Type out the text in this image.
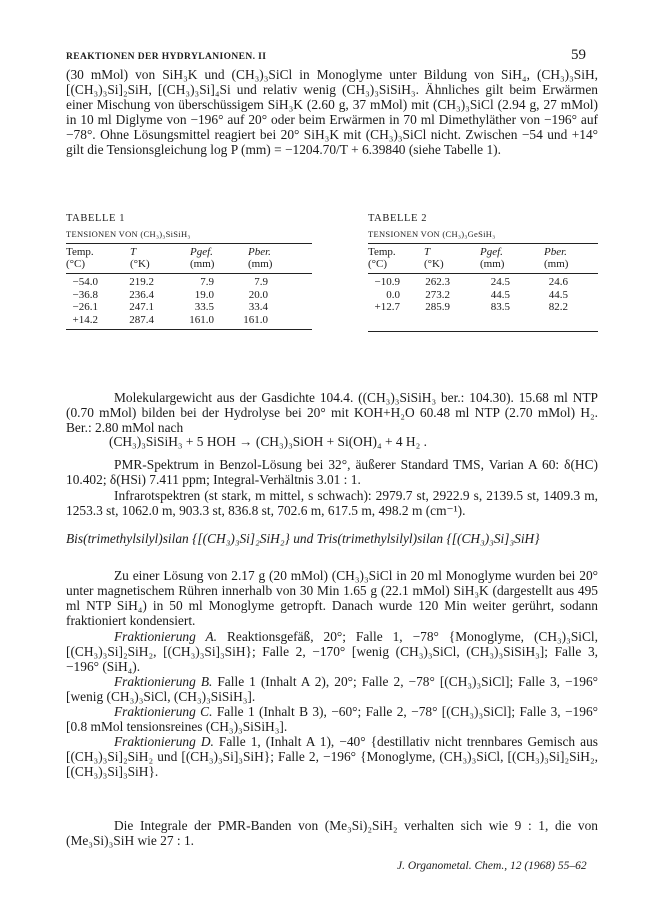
REAKTIONEN DER HYDRYLANIONEN. II	59
(30 mMol) von SiH₃K und (CH₃)₃SiCl in Monoglyme unter Bildung von SiH₄, (CH₃)₃SiH, [(CH₃)₃Si]₂SiH, [(CH₃)₃Si]₄Si und relativ wenig (CH₃)₃SiSiH₃. Ähnliches gilt beim Erwärmen einer Mischung von überschüssigem SiH₃K (2.60 g, 37 mMol) mit (CH₃)₃SiCl (2.94 g, 27 mMol) in 10 ml Diglyme von −196° auf 20° oder beim Erwärmen in 70 ml Dimethyläther von −196° auf −78°. Ohne Lösungsmittel reagiert bei 20° SiH₃K mit (CH₃)₃SiCl nicht. Zwischen −54 und +14° gilt die Tensionsgleichung log P (mm) = −1204.70/T + 6.39840 (siehe Tabelle 1).
TABELLE 1
TENSIONEN VON (CH₃)₃SiSiH₃
Temp.	T	Pgef.	Pber.
(°C)	(°K)	(mm)	(mm)
−54.0	219.2	7.9	7.9
−36.8	236.4	19.0	20.0
−26.1	247.1	33.5	33.4
+14.2	287.4	161.0	161.0
TABELLE 2
TENSIONEN VON (CH₃)₃GeSiH₃
Temp.	T	Pgef.	Pber.
(°C)	(°K)	(mm)	(mm)
−10.9	262.3	24.5	24.6
0.0	273.2	44.5	44.5
+12.7	285.9	83.5	82.2
Molekulargewicht aus der Gasdichte 104.4. ((CH₃)₃SiSiH₃ ber.: 104.30). 15.68 ml NTP (0.70 mMol) bilden bei der Hydrolyse bei 20° mit KOH+H₂O 60.48 ml NTP (2.70 mMol) H₂. Ber.: 2.80 mMol nach
(CH₃)₃SiSiH₃ + 5 HOH → (CH₃)₃SiOH + Si(OH)₄ + 4 H₂ .
PMR-Spektrum in Benzol-Lösung bei 32°, äußerer Standard TMS, Varian A 60: δ(HC) 10.402; δ(HSi) 7.411 ppm; Integral-Verhältnis 3.01 : 1.
Infrarotspektren (st stark, m mittel, s schwach): 2979.7 st, 2922.9 s, 2139.5 st, 1409.3 m, 1253.3 st, 1062.0 m, 903.3 st, 836.8 st, 702.6 m, 617.5 m, 498.2 m (cm⁻¹).
Bis(trimethylsilyl)silan {[(CH₃)₃Si]₂SiH₂} und Tris(trimethylsilyl)silan {[(CH₃)₃Si]₃SiH}
Zu einer Lösung von 2.17 g (20 mMol) (CH₃)₃SiCl in 20 ml Monoglyme wurden bei 20° unter magnetischem Rühren innerhalb von 30 Min 1.65 g (22.1 mMol) SiH₃K (dargestellt aus 495 ml NTP SiH₄) in 50 ml Monoglyme getropft. Danach wurde 120 Min weiter gerührt, sodann fraktioniert kondensiert.
Fraktionierung A. Reaktionsgefäß, 20°; Falle 1, −78° {Monoglyme, (CH₃)₃SiCl, [(CH₃)₃Si]₂SiH₂, [(CH₃)₃Si]₃SiH}; Falle 2, −170° [wenig (CH₃)₃SiCl, (CH₃)₃SiSiH₃]; Falle 3, −196° (SiH₄).
Fraktionierung B. Falle 1 (Inhalt A 2), 20°; Falle 2, −78° [(CH₃)₃SiCl]; Falle 3, −196° [wenig (CH₃)₃SiCl, (CH₃)₃SiSiH₃].
Fraktionierung C. Falle 1 (Inhalt B 3), −60°; Falle 2, −78° [(CH₃)₃SiCl]; Falle 3, −196° [0.8 mMol tensionsreines (CH₃)₃SiSiH₃].
Fraktionierung D. Falle 1, (Inhalt A 1), −40° {destillativ nicht trennbares Gemisch aus [(CH₃)₃Si]₂SiH₂ und [(CH₃)₃Si]₃SiH}; Falle 2, −196° {Monoglyme, (CH₃)₃SiCl, [(CH₃)₃Si]₂SiH₂, [(CH₃)₃Si]₃SiH}.
Die Integrale der PMR-Banden von (Me₃Si)₂SiH₂ verhalten sich wie 9 : 1, die von (Me₃Si)₃SiH wie 27 : 1.
J. Organometal. Chem., 12 (1968) 55–62
